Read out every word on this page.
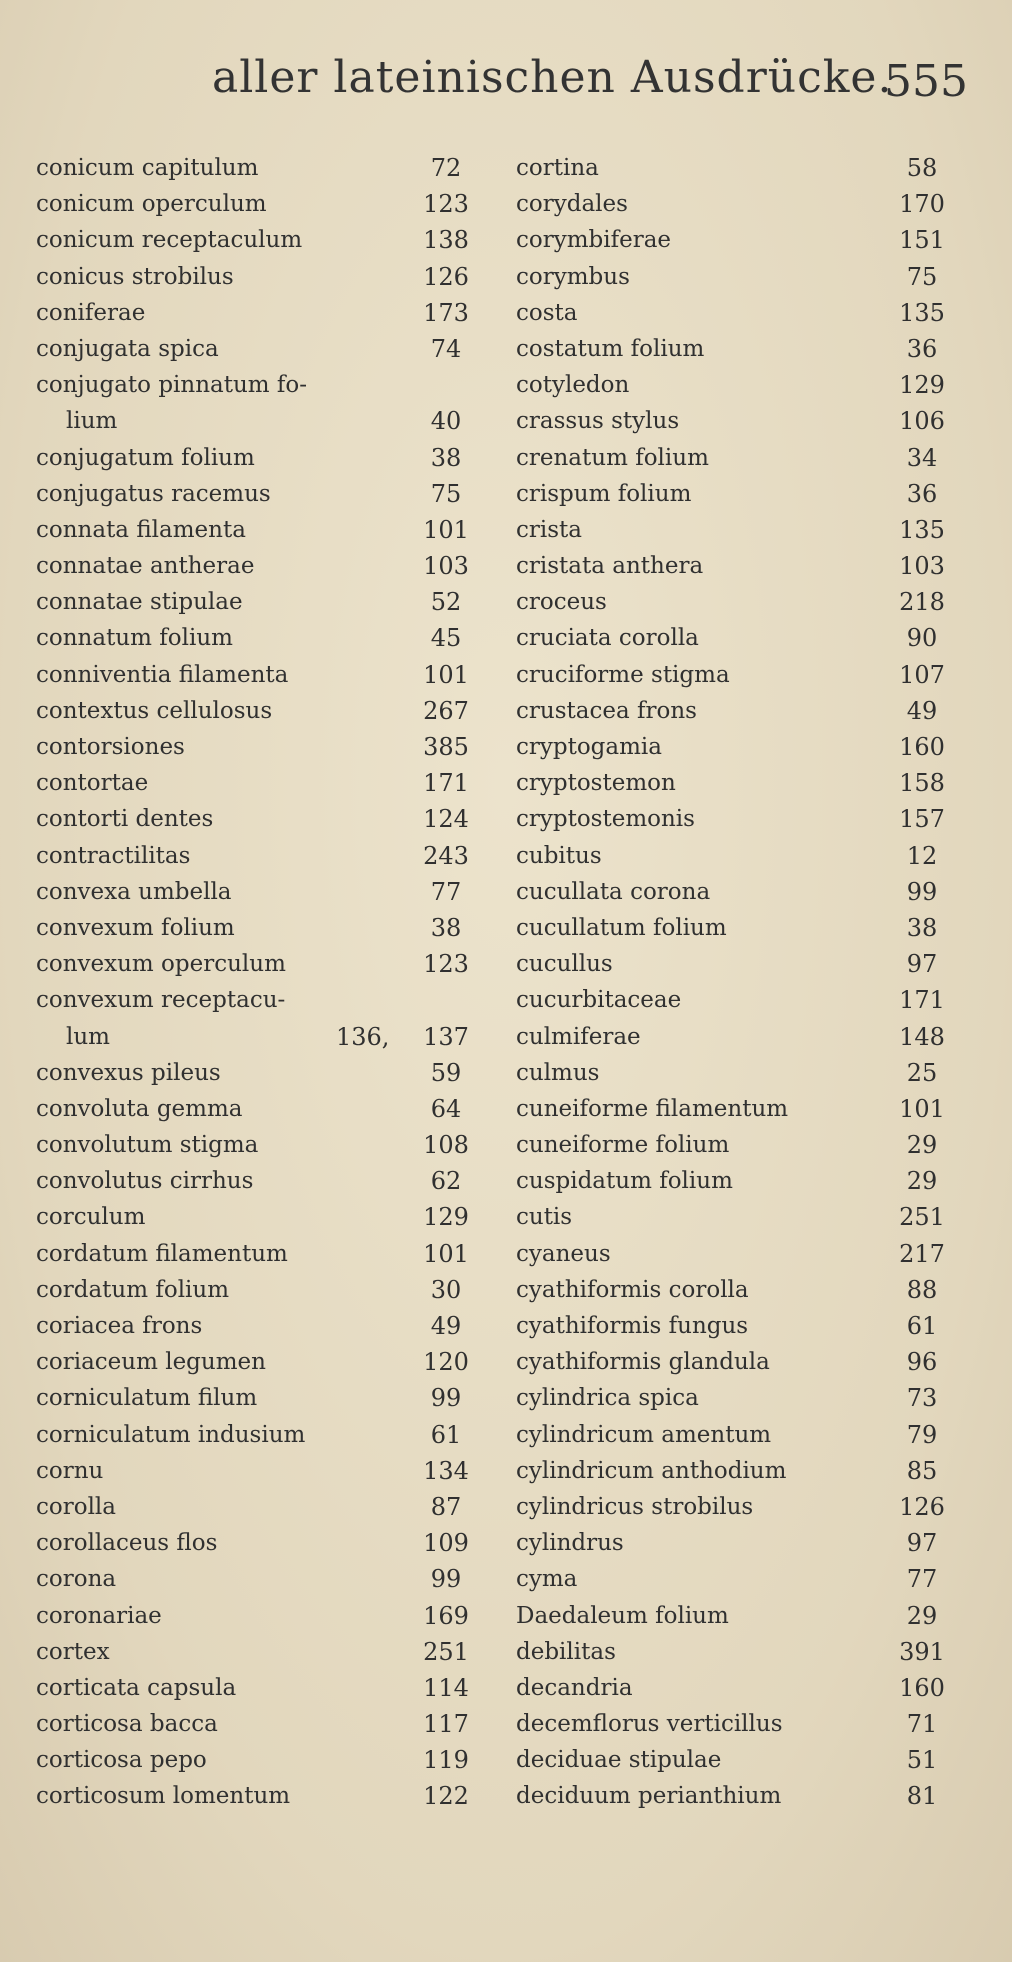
aller lateinischen Ausdrücke.
555
conicum capitulum	72
conicum operculum	123
conicum receptaculum	138
conicus strobilus	126
coniferae	173
conjugata spica	74
conjugato pinnatum fo-
lium	40
conjugatum folium	38
conjugatus racemus	75
connata filamenta	101
connatae antherae	103
connatae stipulae	52
connatum folium	45
conniventia filamenta	101
contextus cellulosus	267
contorsiones	385
contortae	171
contorti dentes	124
contractilitas	243
convexa umbella	77
convexum folium	38
convexum operculum	123
convexum receptacu-
lum	136,	137
convexus pileus	59
convoluta gemma	64
convolutum stigma	108
convolutus cirrhus	62
corculum	129
cordatum filamentum	101
cordatum folium	30
coriacea frons	49
coriaceum legumen	120
corniculatum filum	99
corniculatum indusium	61
cornu	134
corolla	87
corollaceus flos	109
corona	99
coronariae	169
cortex	251
corticata capsula	114
corticosa bacca	117
corticosa pepo	119
corticosum lomentum	122
cortina	58
corydales	170
corymbiferae	151
corymbus	75
costa	135
costatum folium	36
cotyledon	129
crassus stylus	106
crenatum folium	34
crispum folium	36
crista	135
cristata anthera	103
croceus	218
cruciata corolla	90
cruciforme stigma	107
crustacea frons	49
cryptogamia	160
cryptostemon	158
cryptostemonis	157
cubitus	12
cucullata corona	99
cucullatum folium	38
cucullus	97
cucurbitaceae	171
culmiferae	148
culmus	25
cuneiforme filamentum	101
cuneiforme folium	29
cuspidatum folium	29
cutis	251
cyaneus	217
cyathiformis corolla	88
cyathiformis fungus	61
cyathiformis glandula	96
cylindrica spica	73
cylindricum amentum	79
cylindricum anthodium	85
cylindricus strobilus	126
cylindrus	97
cyma	77
Daedaleum folium	29
debilitas	391
decandria	160
decemflorus verticillus	71
deciduae stipulae	51
deciduum perianthium	81
